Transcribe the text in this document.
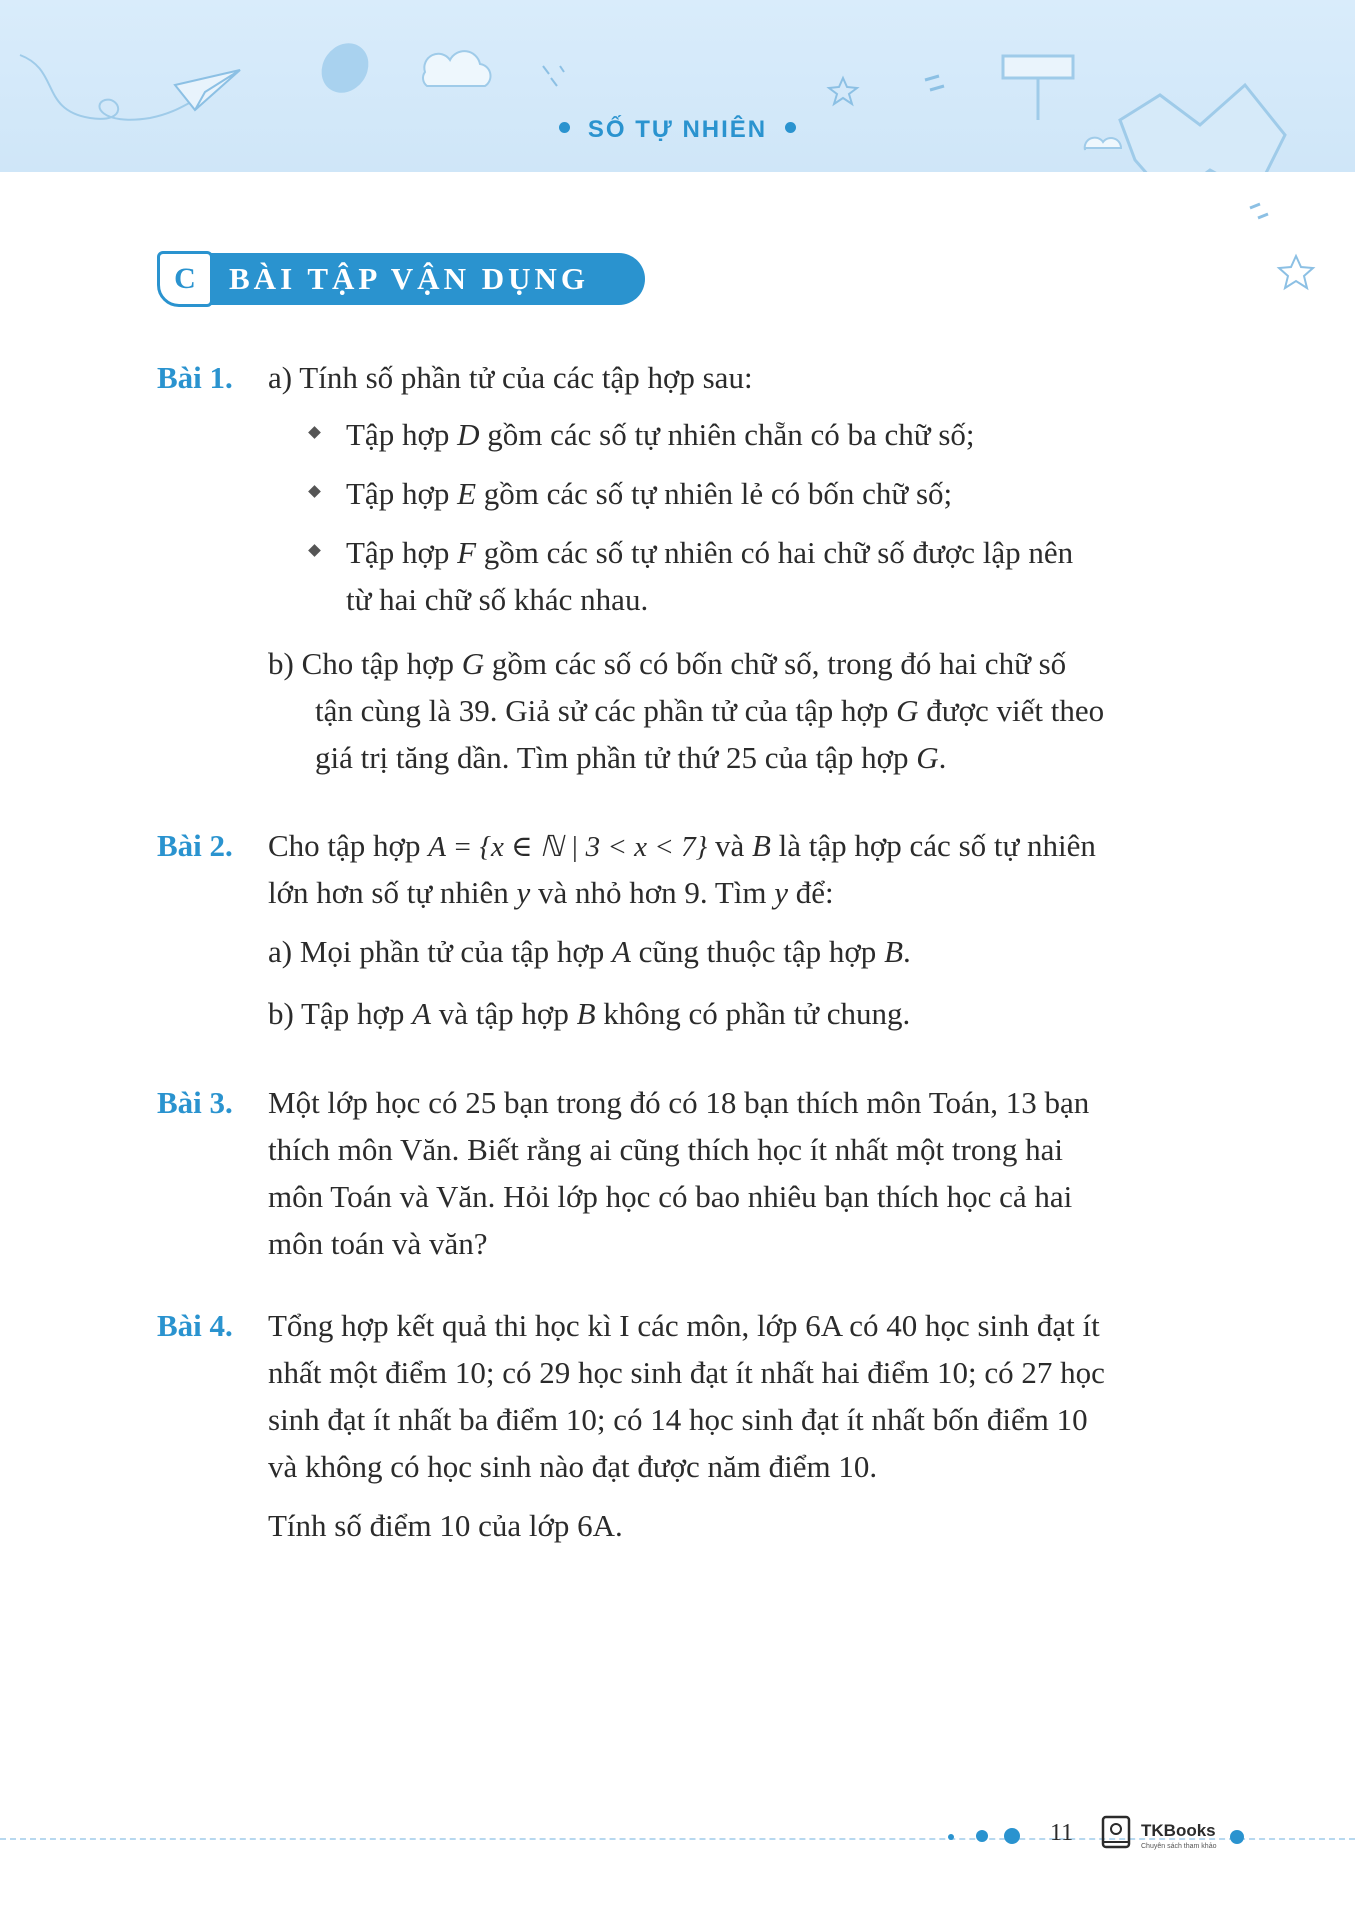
SỐ TỰ NHIÊN
C	BÀI TẬP VẬN DỤNG
Bài 1. a) Tính số phần tử của các tập hợp sau:
Tập hợp D gồm các số tự nhiên chẵn có ba chữ số;
Tập hợp E gồm các số tự nhiên lẻ có bốn chữ số;
Tập hợp F gồm các số tự nhiên có hai chữ số được lập nên
từ hai chữ số khác nhau.
b) Cho tập hợp G gồm các số có bốn chữ số, trong đó hai chữ số
tận cùng là 39. Giả sử các phần tử của tập hợp G được viết theo
giá trị tăng dần. Tìm phần tử thứ 25 của tập hợp G.
Bài 2. Cho tập hợp A = {x ∈ ℕ | 3 < x < 7} và B là tập hợp các số tự nhiên
lớn hơn số tự nhiên y và nhỏ hơn 9. Tìm y để:
a) Mọi phần tử của tập hợp A cũng thuộc tập hợp B.
b) Tập hợp A và tập hợp B không có phần tử chung.
Bài 3. Một lớp học có 25 bạn trong đó có 18 bạn thích môn Toán, 13 bạn
thích môn Văn. Biết rằng ai cũng thích học ít nhất một trong hai
môn Toán và Văn. Hỏi lớp học có bao nhiêu bạn thích học cả hai
môn toán và văn?
Bài 4. Tổng hợp kết quả thi học kì I các môn, lớp 6A có 40 học sinh đạt ít
nhất một điểm 10; có 29 học sinh đạt ít nhất hai điểm 10; có 27 học
sinh đạt ít nhất ba điểm 10; có 14 học sinh đạt ít nhất bốn điểm 10
và không có học sinh nào đạt được năm điểm 10.
Tính số điểm 10 của lớp 6A.
11	TKBooks
Chuyên sách tham khảo
